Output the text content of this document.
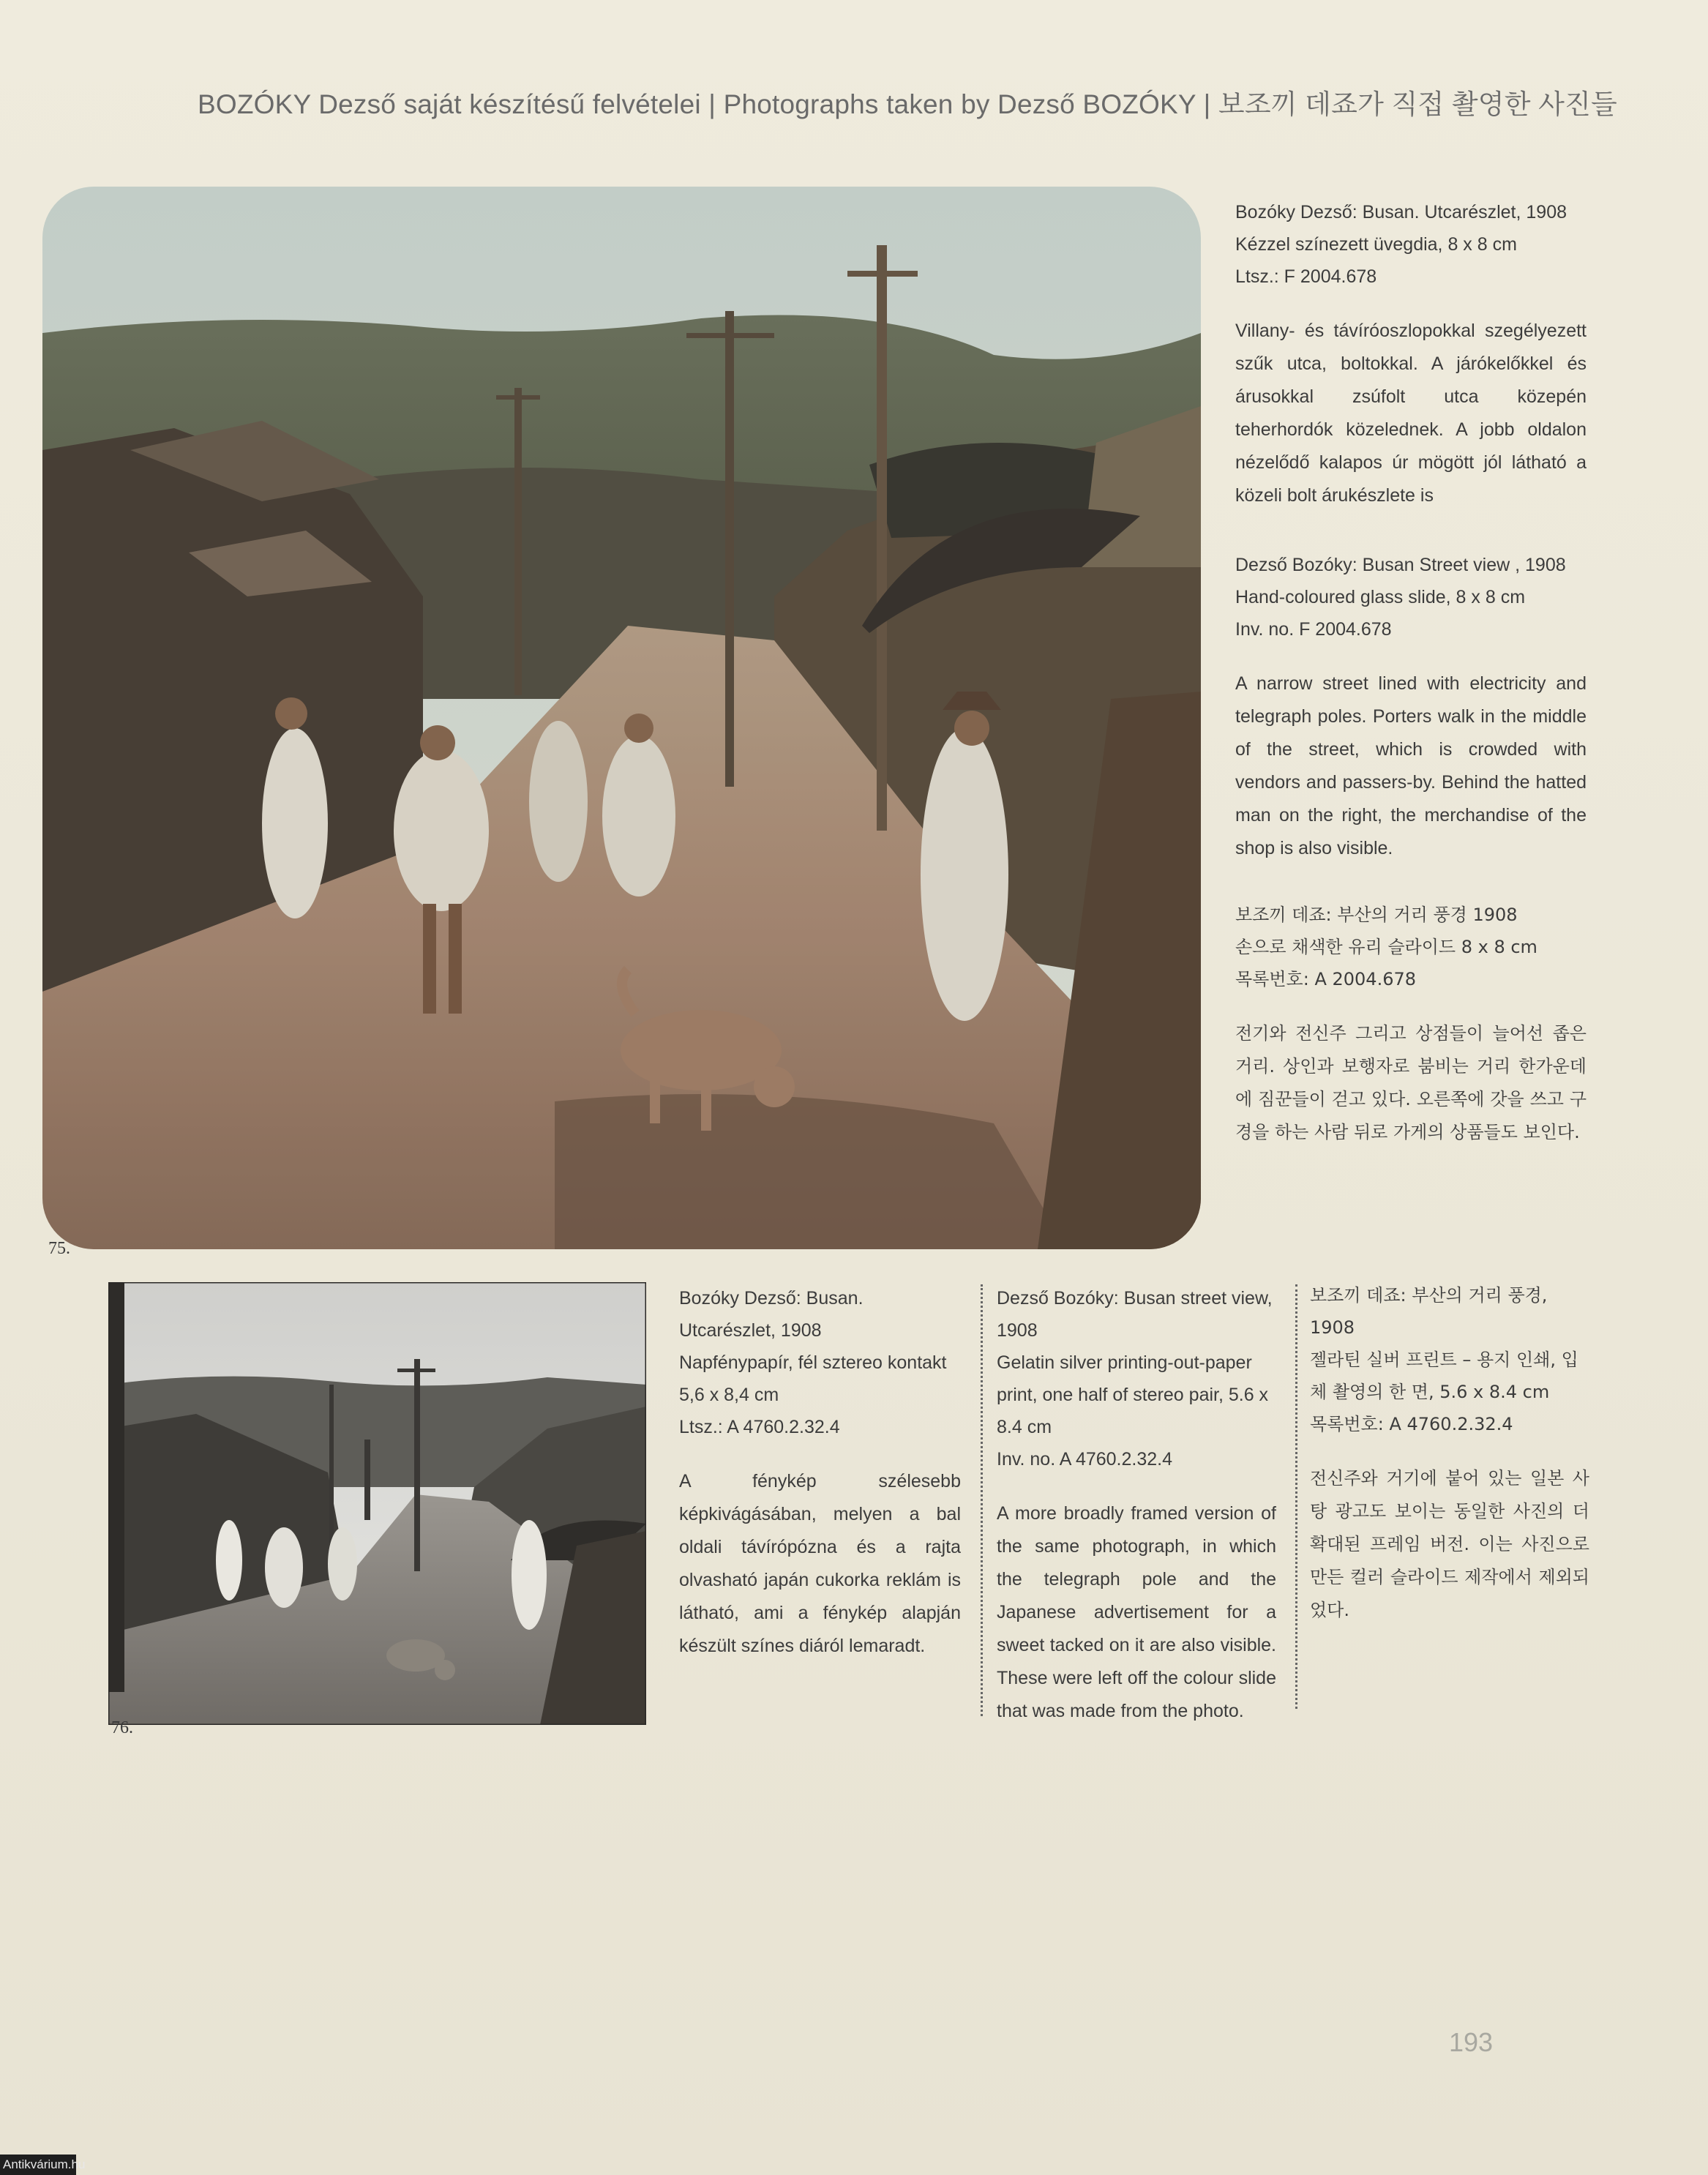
BOZÓKY Dezső saját készítésű felvételei | Photographs taken by Dezső BOZÓKY | 보조끼 데죠가 직접 촬영한 사진들
75.

Bozóky Dezső: Busan. Utcarészlet, 1908

Kézzel színezett üvegdia, 8 x 8 cm

Ltsz.: F 2004.678

Villany- és távíróoszlopokkal szegélyezett szűk utca, boltokkal. A járókelőkkel és árusokkal zsúfolt utca közepén teherhordók közelednek. A jobb oldalon nézelődő kalapos úr mögött jól látható a közeli bolt árukészlete is

Dezső Bozóky: Busan Street view , 1908

Hand-coloured glass slide, 8 x 8 cm

Inv. no. F 2004.678

A narrow street lined with electricity and telegraph poles. Porters walk in the middle of the street, which is crowded with vendors and passers-by. Behind the hatted man on the right, the merchandise of the shop is also visible.

보조끼 데죠: 부산의 거리 풍경 1908

손으로 채색한 유리 슬라이드 8 x 8 cm

목록번호: A 2004.678

전기와 전신주 그리고 상점들이 늘어선 좁은 거리. 상인과 보행자로 붐비는 거리 한가운데에 짐꾼들이 걷고 있다. 오른쪽에 갓을 쓰고 구경을 하는 사람 뒤로 가게의 상품들도 보인다.

76.

Bozóky Dezső: Busan. Utcarészlet, 1908

Napfénypapír, fél sztereo kontakt

5,6 x 8,4 cm

Ltsz.: A 4760.2.32.4

A fénykép szélesebb képkivágásában, melyen a bal oldali távírópózna és a rajta olvasható japán cukorka reklám is látható, ami a fénykép alapján készült színes diáról lemaradt.

Dezső Bozóky: Busan street view, 1908

Gelatin silver printing-out-paper print, one half of stereo pair, 5.6 x 8.4 cm

Inv. no. A 4760.2.32.4

A more broadly framed version of the same photograph, in which the telegraph pole and the Japanese advertisement for a sweet tacked on it are also visible. These were left off the colour slide that was made from the photo.

보조끼 데죠: 부산의 거리 풍경, 1908

젤라틴 실버 프린트 – 용지 인쇄, 입체 촬영의 한 면, 5.6 x 8.4 cm

목록번호: A 4760.2.32.4

전신주와 거기에 붙어 있는 일본 사탕 광고도 보이는 동일한 사진의 더 확대된 프레임 버전. 이는 사진으로 만든 컬러 슬라이드 제작에서 제외되었다.

193
Antikvárium.hu
